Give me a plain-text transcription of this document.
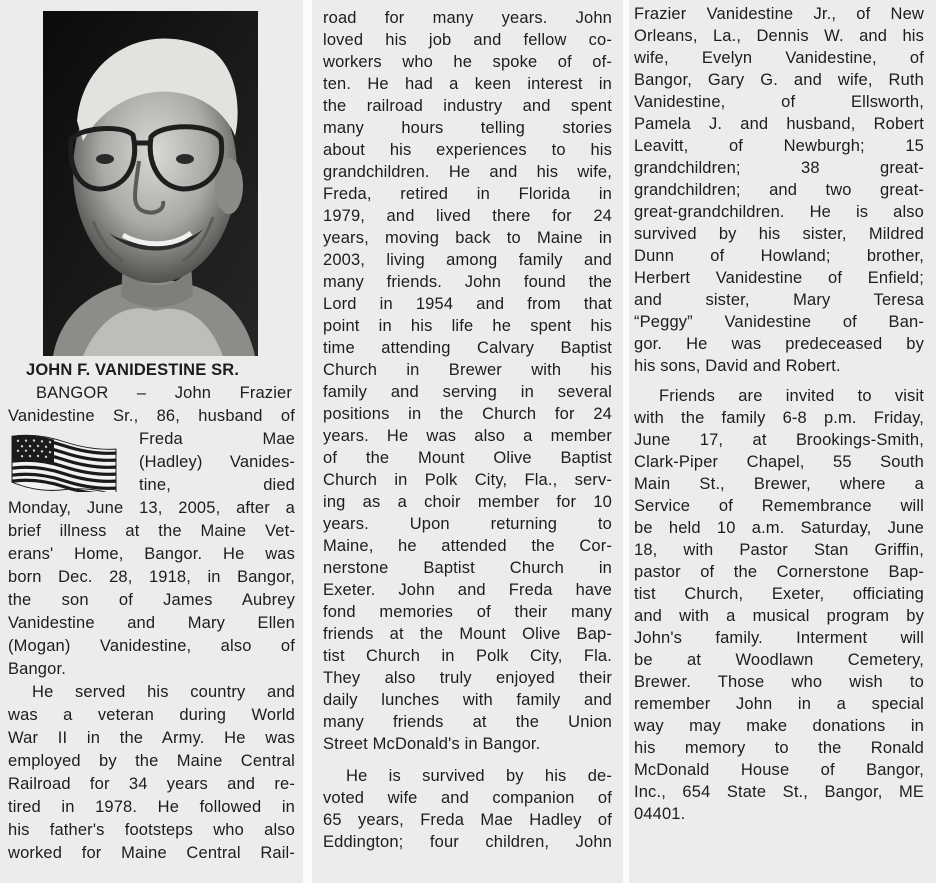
JOHN F. VANIDESTINE SR.
BANGOR – John Frazier
Vanidestine Sr., 86, husband of
Freda Mae
(Hadley) Vanides-
tine, died
Monday, June 13, 2005, after a
brief illness at the Maine Vet-
erans' Home, Bangor. He was
born Dec. 28, 1918, in Bangor,
the son of James Aubrey
Vanidestine and Mary Ellen
(Mogan) Vanidestine, also of
Bangor.
He served his country and
was a veteran during World
War II in the Army. He was
employed by the Maine Central
Railroad for 34 years and re-
tired in 1978. He followed in
his father's footsteps who also
worked for Maine Central Rail-
road for many years. John
loved his job and fellow co-
workers who he spoke of of-
ten. He had a keen interest in
the railroad industry and spent
many hours telling stories
about his experiences to his
grandchildren. He and his wife,
Freda, retired in Florida in
1979, and lived there for 24
years, moving back to Maine in
2003, living among family and
many friends. John found the
Lord in 1954 and from that
point in his life he spent his
time attending Calvary Baptist
Church in Brewer with his
family and serving in several
positions in the Church for 24
years. He was also a member
of the Mount Olive Baptist
Church in Polk City, Fla., serv-
ing as a choir member for 10
years. Upon returning to
Maine, he attended the Cor-
nerstone Baptist Church in
Exeter. John and Freda have
fond memories of their many
friends at the Mount Olive Bap-
tist Church in Polk City, Fla.
They also truly enjoyed their
daily lunches with family and
many friends at the Union
Street McDonald's in Bangor.
He is survived by his de-
voted wife and companion of
65 years, Freda Mae Hadley of
Eddington; four children, John
Frazier Vanidestine Jr., of New
Orleans, La., Dennis W. and his
wife, Evelyn Vanidestine, of
Bangor, Gary G. and wife, Ruth
Vanidestine, of Ellsworth,
Pamela J. and husband, Robert
Leavitt, of Newburgh; 15
grandchildren; 38 great-
grandchildren; and two great-
great-grandchildren. He is also
survived by his sister, Mildred
Dunn of Howland; brother,
Herbert Vanidestine of Enfield;
and sister, Mary Teresa
“Peggy” Vanidestine of Ban-
gor. He was predeceased by
his sons, David and Robert.
Friends are invited to visit
with the family 6-8 p.m. Friday,
June 17, at Brookings-Smith,
Clark-Piper Chapel, 55 South
Main St., Brewer, where a
Service of Remembrance will
be held 10 a.m. Saturday, June
18, with Pastor Stan Griffin,
pastor of the Cornerstone Bap-
tist Church, Exeter, officiating
and with a musical program by
John's family. Interment will
be at Woodlawn Cemetery,
Brewer. Those who wish to
remember John in a special
way may make donations in
his memory to the Ronald
McDonald House of Bangor,
Inc., 654 State St., Bangor, ME
04401.
